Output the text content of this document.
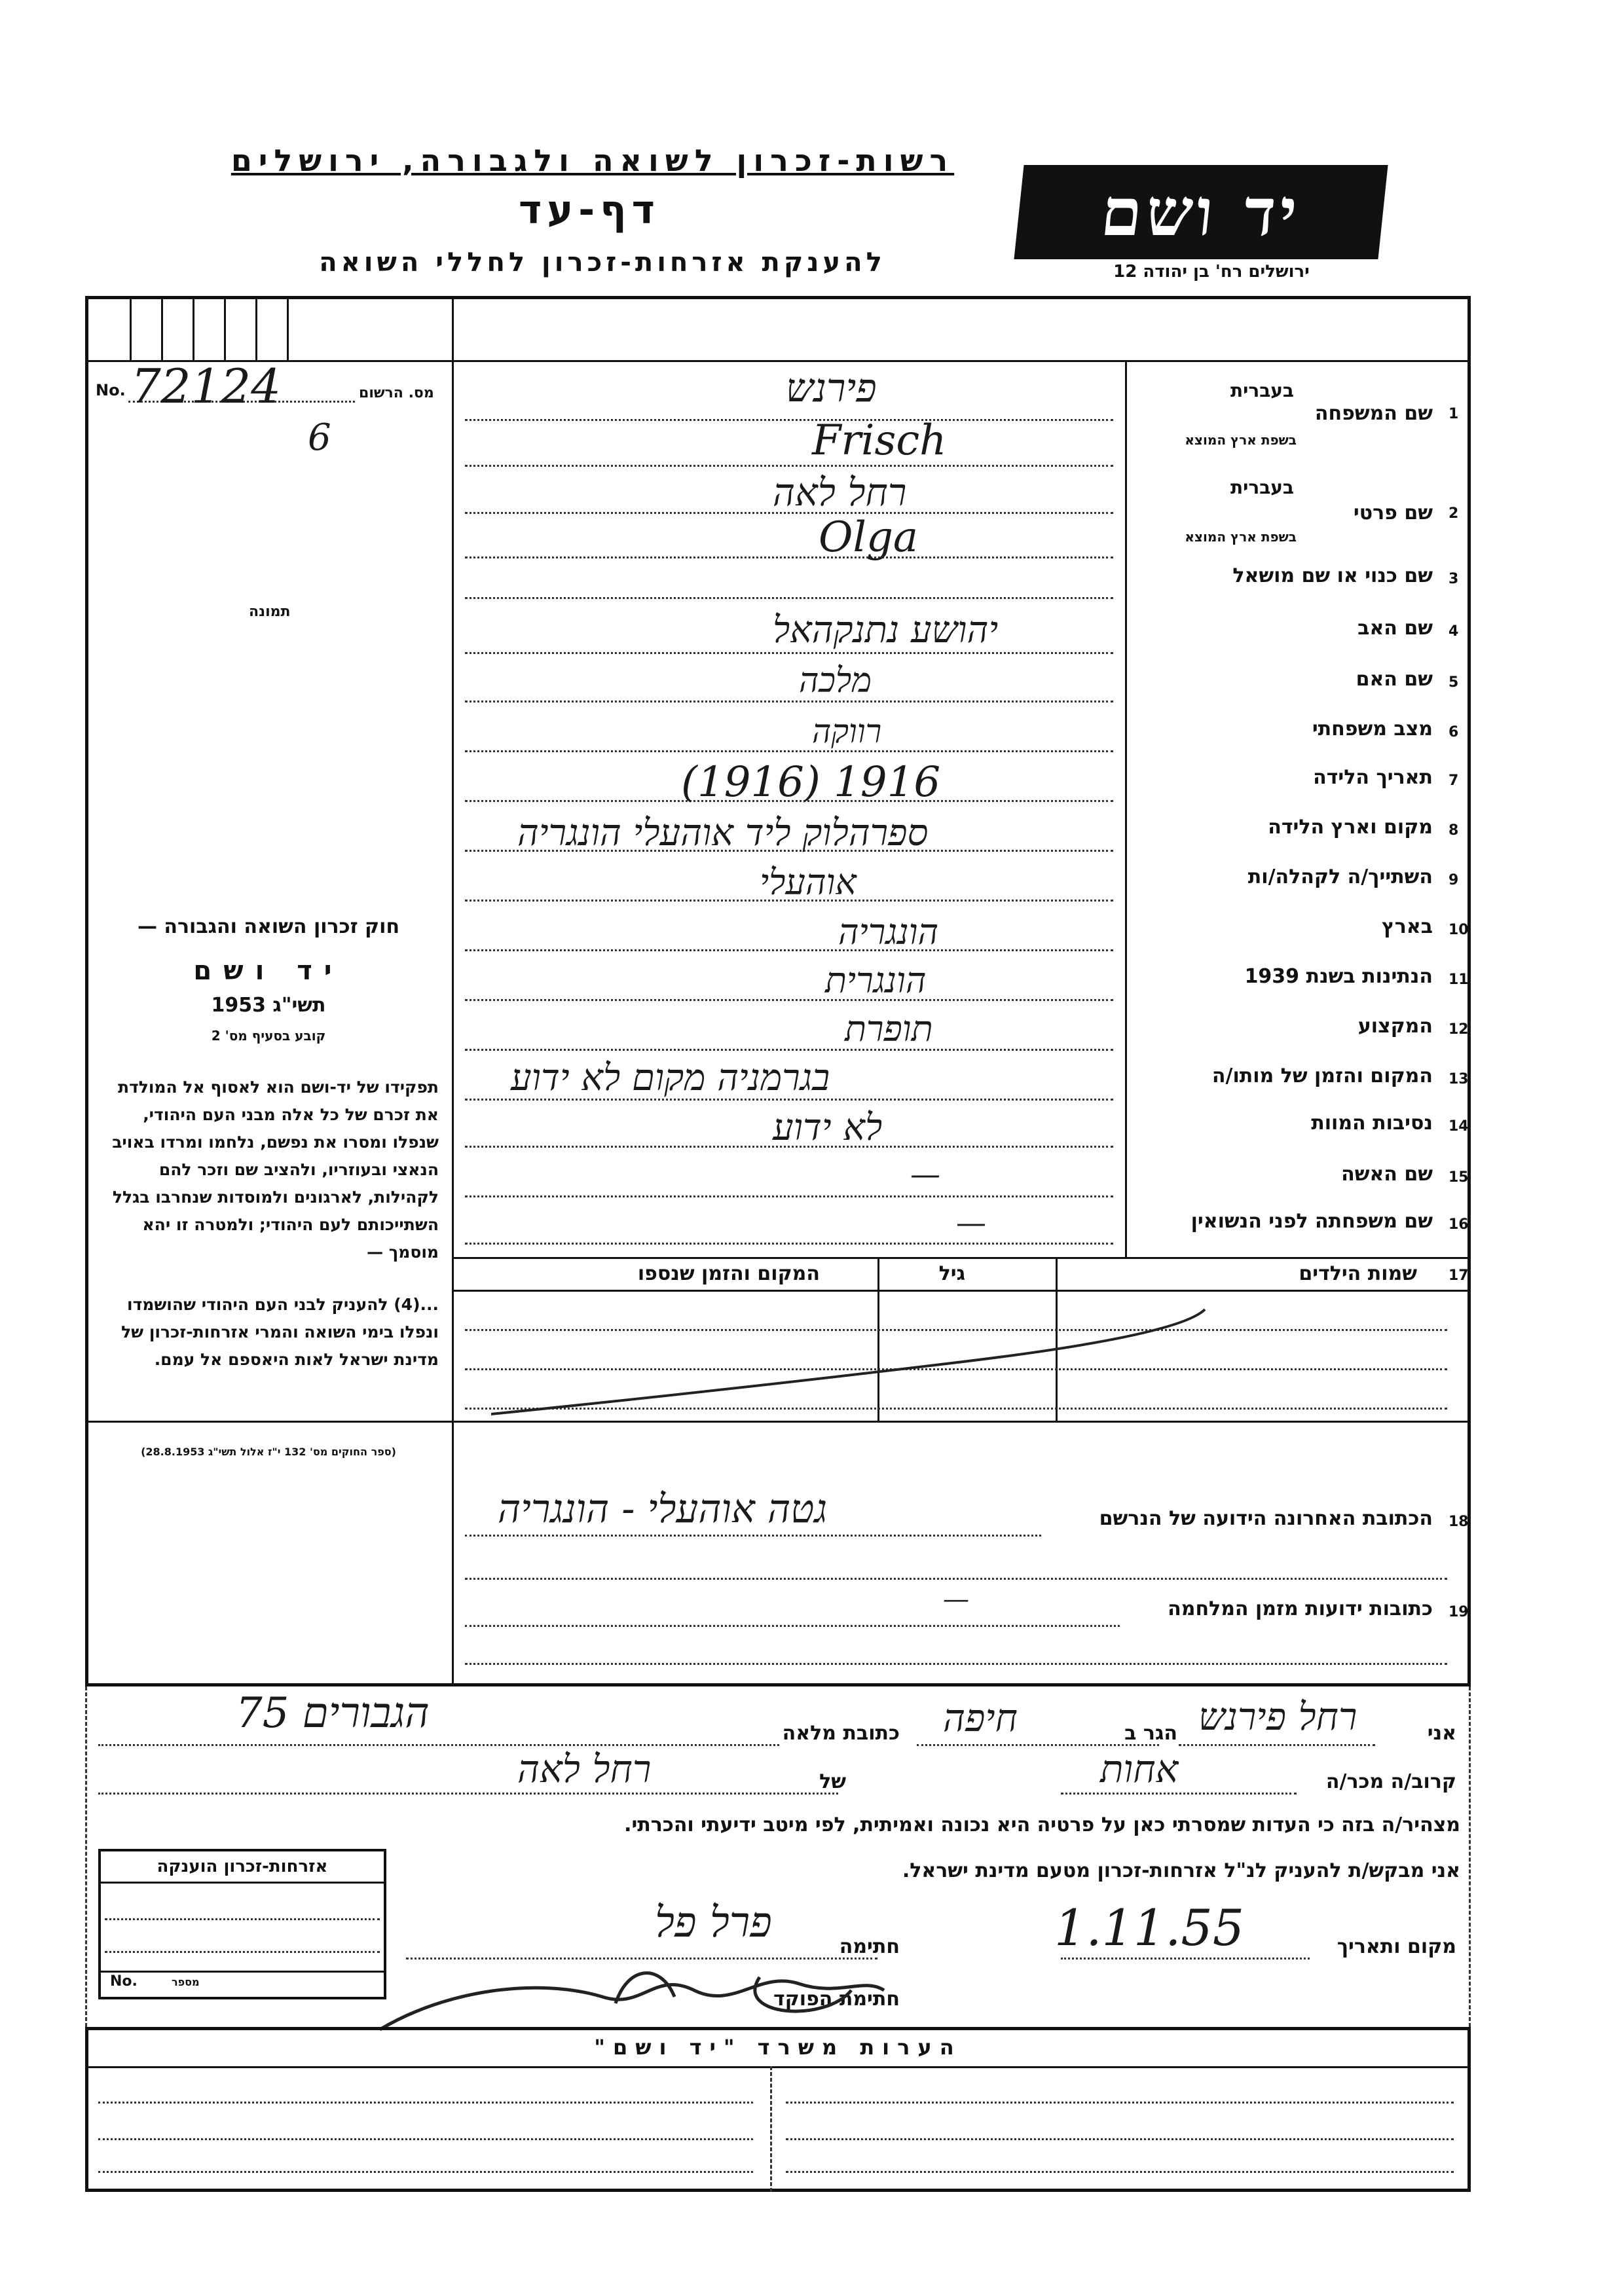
רשות-זכרון לשואה ולגבורה, ירושלים
דף-עד
להענקת אזרחות-זכרון לחללי השואה
יד ושם
ירושלים רח' בן יהודה 12
No.	מס. הרשום
72124
6
תמונה
1
שם המשפחה
בעברית
בשפת ארץ המוצא
פירנש
Frisch
2
שם פרטי
בעברית
בשפת ארץ המוצא
רחל לאה
Olga
3
שם כנוי או שם מושאל
4
שם האב
יהושע נתנקהאל
5
שם האם
מלכה
6
מצב משפחתי
רווקה
7
תאריך הלידה
(1916) 1916
8
מקום וארץ הלידה
ספרהלוק ליד אוהעלי הונגריה
9
השתייך/ה לקהלה/ות
אוהעלי
10
בארץ
הונגריה
11
הנתינות בשנת 1939
הונגרית
12
המקצוע
תופרת
13
המקום והזמן של מותו/ה
בגרמניה מקום לא ידוע
14
נסיבות המוות
לא ידוע
15
שם האשה
—
16
שם משפחתה לפני הנשואין
—
17
שמות הילדים
גיל
המקום והזמן שנספו
חוק זכרון השואה והגבורה —
יד ושם
תשי"ג 1953
קובע בסעיף מס' 2
תפקידו של יד-ושם הוא לאסוף אל המולדת את זכרם של כל אלה מבני העם היהודי, שנפלו ומסרו את נפשם, נלחמו ומרדו באויב הנאצי ובעוזריו, ולהציב שם וזכר להם לקהילות, לארגונים ולמוסדות שנחרבו בגלל השתייכותם לעם היהודי; ולמטרה זו יהא מוסמך —
...(4) להעניק לבני העם היהודי שהושמדו ונפלו בימי השואה והמרי אזרחות-זכרון של מדינת ישראל לאות היאספם אל עמם.
(ספר החוקים מס' 132 י"ז אלול תשי"ג 28.8.1953)
18
הכתובת האחרונה הידועה של הנרשם
גטה אוהעלי - הונגריה
19
כתובות ידועות מזמן המלחמה
—
אני
רחל פירנש
הגר ב
חיפה
כתובת מלאה
הגבורים 75
קרוב/ה מכר/ה
אחות
של
רחל לאה
מצהיר/ה בזה כי העדות שמסרתי כאן על פרטיה היא נכונה ואמיתית, לפי מיטב ידיעתי והכרתי.
אני מבקש/ת להעניק לנ"ל אזרחות-זכרון מטעם מדינת ישראל.
מקום ותאריך
1.11.55
חתימה
פרל פל
חתימת הפוקד
אזרחות-זכרון הוענקה
No.	מספר
הערות משרד "יד ושם"
